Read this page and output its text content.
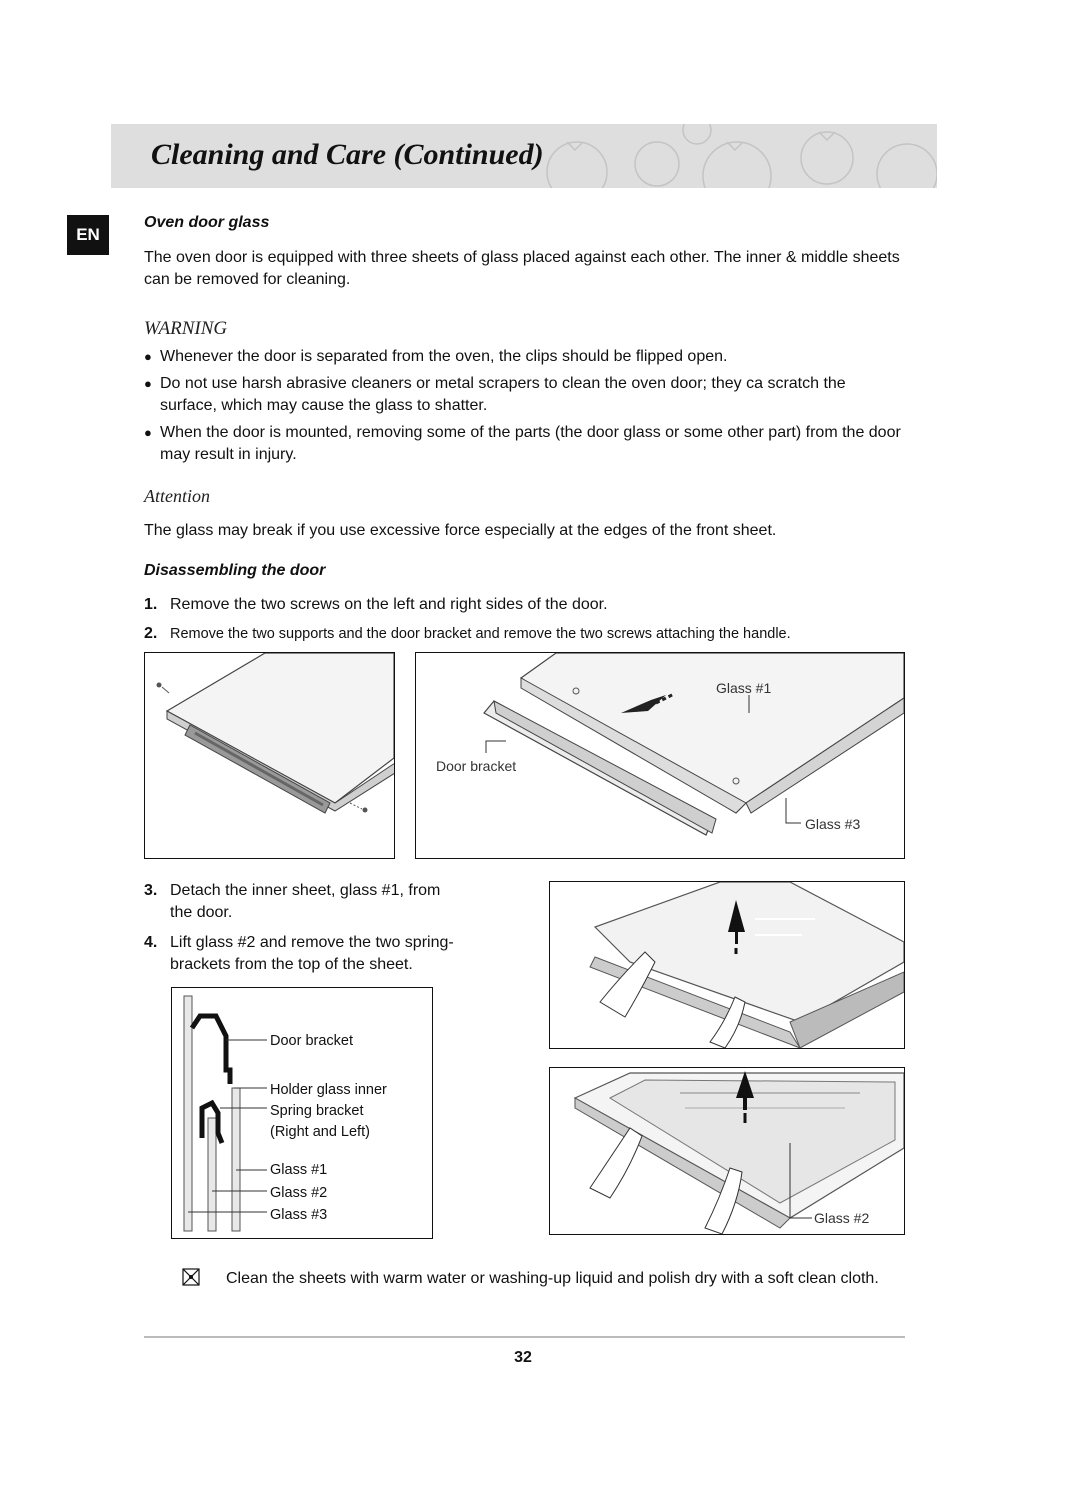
Cleaning and Care (Continued)
EN
Oven door glass
The oven door is equipped with three sheets of glass placed against each other. The inner & middle sheets can be removed for cleaning.
WARNING
● Whenever the door is separated from the oven, the clips should be flipped open.
● Do not use harsh abrasive cleaners or metal scrapers to clean the oven door; they ca scratch the surface, which may cause the glass to shatter.
● When the door is mounted, removing some of the parts (the door glass or some other part) from the door may result in injury.
Attention
The glass may break if you use excessive force especially at the edges of the front sheet.
Disassembling the door
1. Remove the two screws on the left and right sides of the door.
2. Remove the two supports and the door bracket and remove the two screws attaching the handle.
Glass #1
Door bracket
Glass #3
3. Detach the inner sheet, glass #1, from the door.
4. Lift glass #2 and remove the two spring-brackets from the top of the sheet.
Door bracket
Holder glass inner
Spring bracket
(Right and Left)
Glass #1
Glass #2
Glass #3	Glass #2
Clean the sheets with warm water or washing-up liquid and polish dry with a soft clean cloth.
32
